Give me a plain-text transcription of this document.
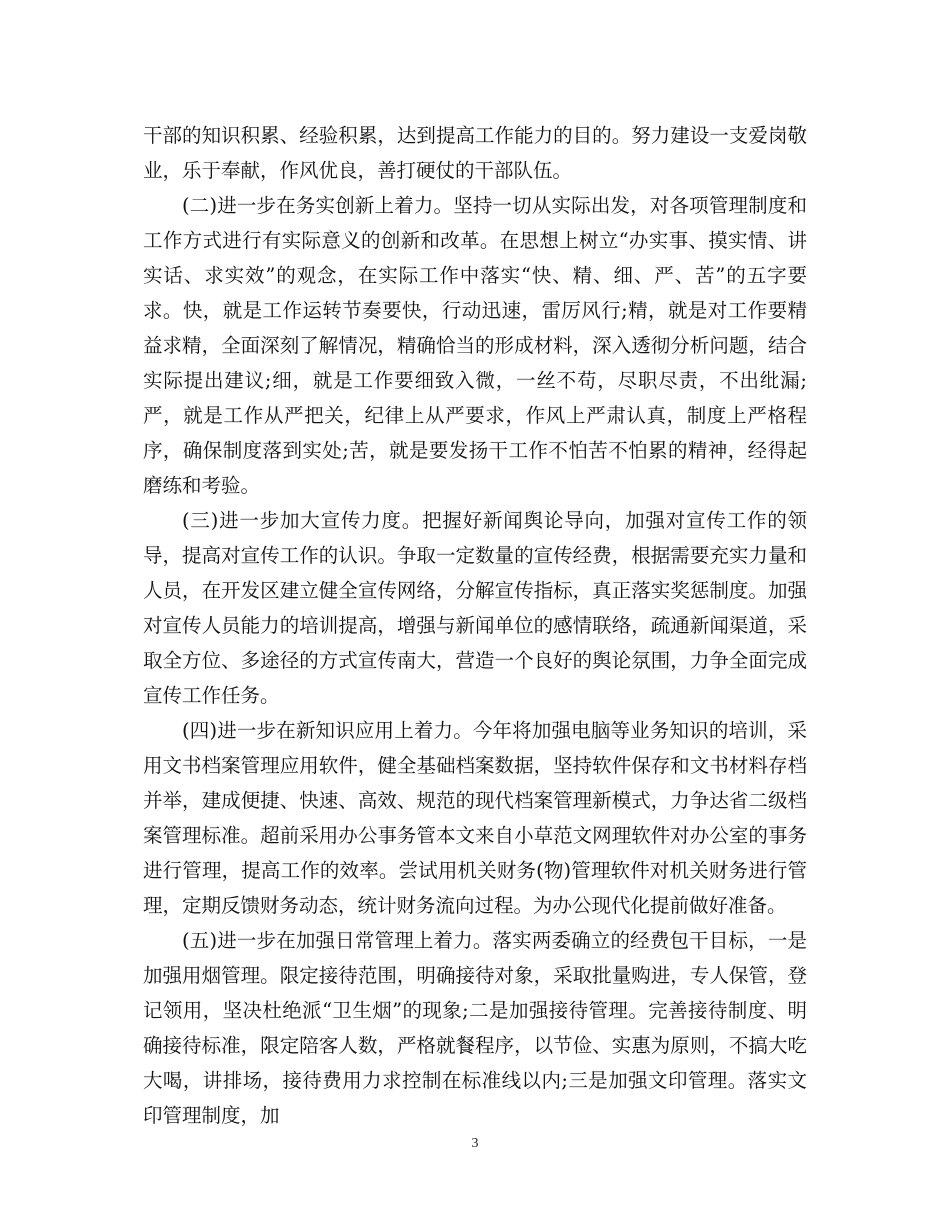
干部的知识积累、经验积累，达到提高工作能力的目的。努力建设一支爱岗敬业，乐于奉献，作风优良，善打硬仗的干部队伍。

(二)进一步在务实创新上着力。坚持一切从实际出发，对各项管理制度和工作方式进行有实际意义的创新和改革。在思想上树立“办实事、摸实情、讲实话、求实效”的观念，在实际工作中落实“快、精、细、严、苦”的五字要求。快，就是工作运转节奏要快，行动迅速，雷厉风行;精，就是对工作要精益求精，全面深刻了解情况，精确恰当的形成材料，深入透彻分析问题，结合实际提出建议;细，就是工作要细致入微，一丝不苟，尽职尽责，不出纰漏;严，就是工作从严把关，纪律上从严要求，作风上严肃认真，制度上严格程序，确保制度落到实处;苦，就是要发扬干工作不怕苦不怕累的精神，经得起磨练和考验。

(三)进一步加大宣传力度。把握好新闻舆论导向，加强对宣传工作的领导，提高对宣传工作的认识。争取一定数量的宣传经费，根据需要充实力量和人员，在开发区建立健全宣传网络，分解宣传指标，真正落实奖惩制度。加强对宣传人员能力的培训提高，增强与新闻单位的感情联络，疏通新闻渠道，采取全方位、多途径的方式宣传南大，营造一个良好的舆论氛围，力争全面完成宣传工作任务。

(四)进一步在新知识应用上着力。今年将加强电脑等业务知识的培训，采用文书档案管理应用软件，健全基础档案数据，坚持软件保存和文书材料存档并举，建成便捷、快速、高效、规范的现代档案管理新模式，力争达省二级档案管理标准。超前采用办公事务管本文来自小草范文网理软件对办公室的事务进行管理，提高工作的效率。尝试用机关财务(物)管理软件对机关财务进行管理，定期反馈财务动态，统计财务流向过程。为办公现代化提前做好准备。

(五)进一步在加强日常管理上着力。落实两委确立的经费包干目标，一是加强用烟管理。限定接待范围，明确接待对象，采取批量购进，专人保管，登记领用，坚决杜绝派“卫生烟”的现象;二是加强接待管理。完善接待制度、明确接待标准，限定陪客人数，严格就餐程序，以节俭、实惠为原则，不搞大吃大喝，讲排场，接待费用力求控制在标准线以内;三是加强文印管理。落实文印管理制度，加

3
